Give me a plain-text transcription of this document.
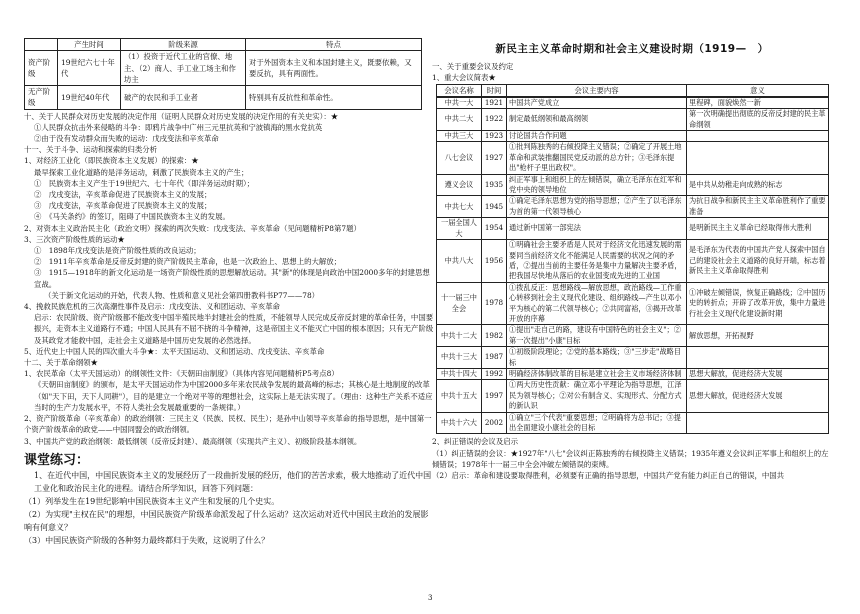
	产生时间	阶级来源	特点
资产阶级	19世纪六七十年代	（1）投资于近代工业的官僚、地主、（2）商人、手工业工场主和作坊主	对于外国资本主义和本国封建主义，既要依赖，又要反抗，具有两面性。
无产阶级	19世纪40年代	破产的农民和手工业者	特别具有反抗性和革命性。

十、关于人民群众对历史发展的决定作用（证明人民群众对历史发展的决定作用的有关史实）：★

①人民群众抗击外来侵略的斗争：即鸦片战争中广州三元里抗英和宁波镇海的黑水党抗英

②由于没有发动群众而失败的运动：戊戌变法和辛亥革命

十一、关于斗争、运动和探索的归类分析

1、对经济工业化（即民族资本主义发展）的探索：★

最早探索工业化道路的是洋务运动，刺激了民族资本主义的产生；

①　民族资本主义产生于19世纪六、七十年代（即洋务运动时期）；

②　戊戌变法，辛亥革命促进了民族资本主义的发展；

③　戊戌变法，辛亥革命促进了民族资本主义的发展；

④　《马关条约》的签订，阻碍了中国民族资本主义的发展。

2、对资本主义政治民主化（政治文明）探索的两次失败：戊戌变法、辛亥革命（见问题精析P8第7题）

3、三次资产阶级性质的运动★

①　1898年戊戌变法是资产阶级性质的改良运动；

②　1911年辛亥革命是反帝反封建的资产阶级民主革命，也是一次政治上、思想上的大解放；

③　1915—1918年的新文化运动是一场资产阶级性质的思想解放运动。其"新"的体现是向政治中国2000多年的封建思想宣战。

（关于新文化运动的开始，代表人物、性质和意义见社会第四册教科书P77——78）

4、挽救民族危机的三次高潮性事件及启示：戊戌变法、义和团运动、辛亥革命

启示：农民阶级、资产阶级都不能改变中国半殖民地半封建社会的性质，不能领导人民完成反帝反封建的革命任务，中国要振兴，走资本主义道路行不通；中国人民具有不屈不挠的斗争精神，这是帝国主义不能灭亡中国的根本原因；只有无产阶级及其政党才能救中国，走社会主义道路是中国历史发展的必然选择。

5、近代史上中国人民的四次重大斗争★：太平天国运动、义和团运动、戊戌变法、辛亥革命

十二、关于革命纲领★

1、农民革命（太平天国运动）的纲领性文件：《天朝田亩制度》（具体内容见问题精析P5考点8）

《天朝田亩制度》的颁布，是太平天国运动作为中国2000多年来农民战争发展的最高峰的标志；其核心是土地制度的改革（如"天下田，天下人同耕"），目的是建立一个绝对平等的理想社会，这实际上是无法实现了。（理由：这种生产关系不适应当时的生产力发展水平，不符人类社会发展最重要的一条规律。）

2、资产阶级革命（辛亥革命）的政治纲领：三民主义（民族、民权、民生）；是孙中山领导辛亥革命的指导思想，是中国第一个资产阶级革命的政党——中国同盟会的政治纲领。

3、中国共产党的政治纲领：最低纲领（反帝反封建）、最高纲领（实现共产主义）、初级阶段基本纲领。

课堂练习：

1、在近代中国，中国民族资本主义的发展经历了一段曲折发展的经历，他们的苦苦求索，极大地推动了近代中国工业化和政治民主化的进程。请结合所学知识，回答下列问题：

（1）列举发生在19世纪影响中国民族资本主义产生和发展的几个史实。

（2）为实现"主权在民"的理想，中国民族资产阶级革命派发起了什么运动？这次运动对近代中国民主政治的发展影响有何意义？

（3）中国民族资产阶级的各种努力最终都归于失败，这说明了什么？

新民主主义革命时期和社会主义建设时期（1919—　）

一、关于重要会议及约定

1、重大会议简表★

会议名称	时间	会议主要内容	意义
中共一大	1921	中国共产党成立	里程碑，面貌焕然一新
中共二大	1922	制定最低纲领和最高纲领	第一次明确提出彻底的反帝反封建的民主革命纲领
中共三大	1923	讨论国共合作问题	
八七会议	1927	①批判陈独秀的右倾投降主义错误；②确定了开展土地革命和武装推翻国民党反动派的总方针；③毛泽东提出"枪杆子里出政权"。	
遵义会议	1935	纠正军事上和组织上的左倾错误，确立毛泽东在红军和党中央的领导地位	是中共从幼稚走向成熟的标志
中共七大	1945	①确定毛泽东思想为党的指导思想；②产生了以毛泽东为首的第一代领导核心	为抗日战争和新民主主义革命胜利作了重要准备
一届全国人大	1954	通过新中国第一部宪法	是明新民主主义革命已经取得伟大胜利
中共八大	1956	①明确社会主要矛盾是人民对于经济文化迅速发展的需要同当前经济文化不能满足人民需要的状况之间的矛盾，②提出当前的主要任务是集中力量解决主要矛盾，把我国尽快地从落后的农业国变成先进的工业国	是毛泽东为代表的中国共产党人探索中国自己的建设社会主义道路的良好开端，标志着新民主主义革命取得胜利
十一届三中全会	1978	①拨乱反正：思想路线—解放思想，政治路线—工作重心转移到社会主义现代化建设、组织路线—产生以邓小平为核心的第二代领导核心；②共同富裕，③揭开改革开放的序幕	①冲破左倾错误，恢复正确路线；②中国历史的转折点；开辟了改革开放，集中力量进行社会主义现代化建设新时期
中共十二大	1982	①提出"走自己的路，建设有中国特色的社会主义"；②第一次提出"小康"目标	解放思想，开拓视野
中共十三大	1987	①初级阶段理论；②党的基本路线；③"三步走"战略目标	
中共十四大	1992	明确经济体制改革的目标是建立社会主义市场经济体制	思想大解放，促进经济大发展
中共十五大	1997	①两大历史性贡献：确立邓小平理论为指导思想，江泽民为领导核心；②对公有制含义、实现形式、分配方式的新认识	思想大解放，促进经济大发展
中共十六大	2002	①确立"三个代表"重要思想；②明确将为总书记；③提出全面建设小康社会的目标	

2、纠正错误的会议及启示

（1）纠正错误的会议：★1927年"八七"会议纠正陈独秀的右倾投降主义错误；1935年遵义会议纠正军事上和组织上的左倾错误；1978年十一届三中全会冲破左倾错误的束缚。

（2）启示：革命和建设要取得胜利，必须要有正确的指导思想，中国共产党有能力纠正自己的错误，中国共

3
